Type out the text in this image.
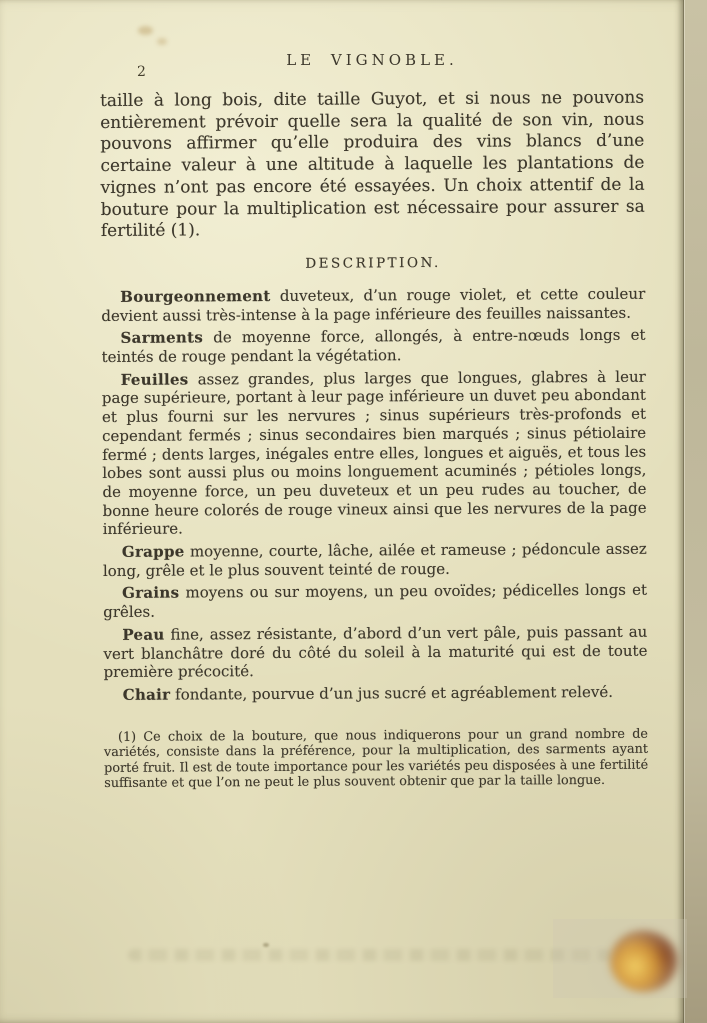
2
LE VIGNOBLE.

taille à long bois, dite taille Guyot, et si nous ne pouvons entièrement prévoir quelle sera la qualité de son vin, nous pouvons affirmer qu’elle produira des vins blancs d’une certaine valeur à une altitude à laquelle les plantations de vignes n’ont pas encore été essayées. Un choix attentif de la bouture pour la multiplication est nécessaire pour assurer sa fertilité (1).

DESCRIPTION.

Bourgeonnement duveteux, d’un rouge violet, et cette couleur devient aussi très-intense à la page inférieure des feuilles naissantes.

Sarments de moyenne force, allongés, à entre-nœuds longs et teintés de rouge pendant la végétation.

Feuilles assez grandes, plus larges que longues, glabres à leur page supérieure, portant à leur page inférieure un duvet peu abondant et plus fourni sur les nervures ; sinus supérieurs très-profonds et cependant fermés ; sinus secondaires bien marqués ; sinus pétiolaire fermé ; dents larges, inégales entre elles, longues et aiguës, et tous les lobes sont aussi plus ou moins longuement acuminés ; pétioles longs, de moyenne force, un peu duveteux et un peu rudes au toucher, de bonne heure colorés de rouge vineux ainsi que les nervures de la page inférieure.

Grappe moyenne, courte, lâche, ailée et rameuse ; pédoncule assez long, grêle et le plus souvent teinté de rouge.

Grains moyens ou sur moyens, un peu ovoïdes; pédicelles longs et grêles.

Peau fine, assez résistante, d’abord d’un vert pâle, puis passant au vert blanchâtre doré du côté du soleil à la maturité qui est de toute première précocité.

Chair fondante, pourvue d’un jus sucré et agréablement relevé.

(1) Ce choix de la bouture, que nous indiquerons pour un grand nombre de variétés, consiste dans la préférence, pour la multiplication, des sarments ayant porté fruit. Il est de toute importance pour les variétés peu disposées à une fertilité suffisante et que l’on ne peut le plus souvent obtenir que par la taille longue.
